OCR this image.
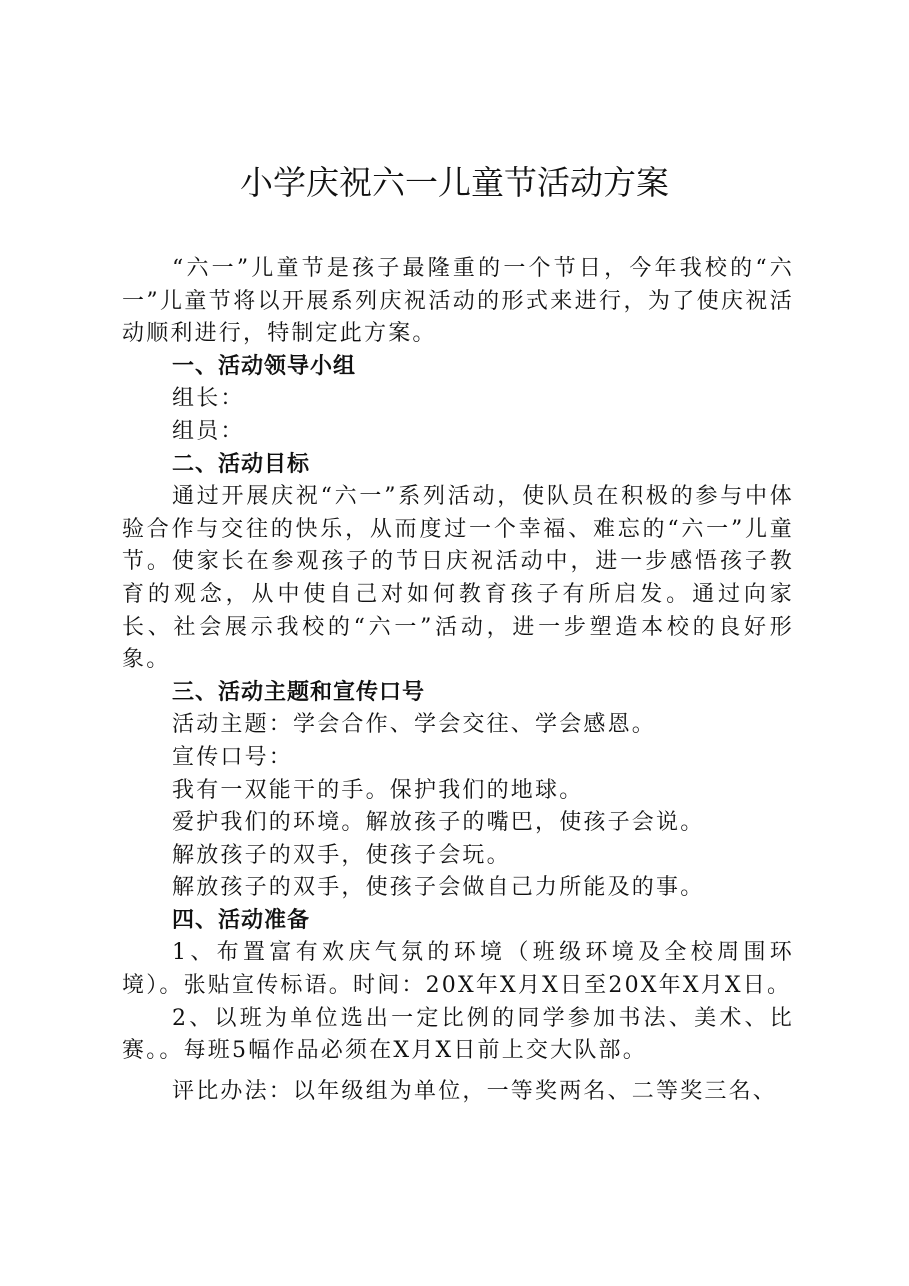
小学庆祝六一儿童节活动方案

“六一”儿童节是孩子最隆重的一个节日，今年我校的“六一”儿童节将以开展系列庆祝活动的形式来进行，为了使庆祝活动顺利进行，特制定此方案。

一、活动领导小组

组长：

组员：

二、活动目标

通过开展庆祝“六一”系列活动，使队员在积极的参与中体验合作与交往的快乐，从而度过一个幸福、难忘的“六一”儿童节。使家长在参观孩子的节日庆祝活动中，进一步感悟孩子教育的观念，从中使自己对如何教育孩子有所启发。通过向家长、社会展示我校的“六一”活动，进一步塑造本校的良好形象。

三、活动主题和宣传口号

活动主题：学会合作、学会交往、学会感恩。

宣传口号：

我有一双能干的手。保护我们的地球。

爱护我们的环境。解放孩子的嘴巴，使孩子会说。

解放孩子的双手，使孩子会玩。

解放孩子的双手，使孩子会做自己力所能及的事。

四、活动准备

1、布置富有欢庆气氛的环境（班级环境及全校周围环境）。张贴宣传标语。时间：20X年X月X日至20X年X月X日。

2、以班为单位选出一定比例的同学参加书法、美术、比赛。。每班5幅作品必须在X月X日前上交大队部。

评比办法：以年级组为单位，一等奖两名、二等奖三名、
